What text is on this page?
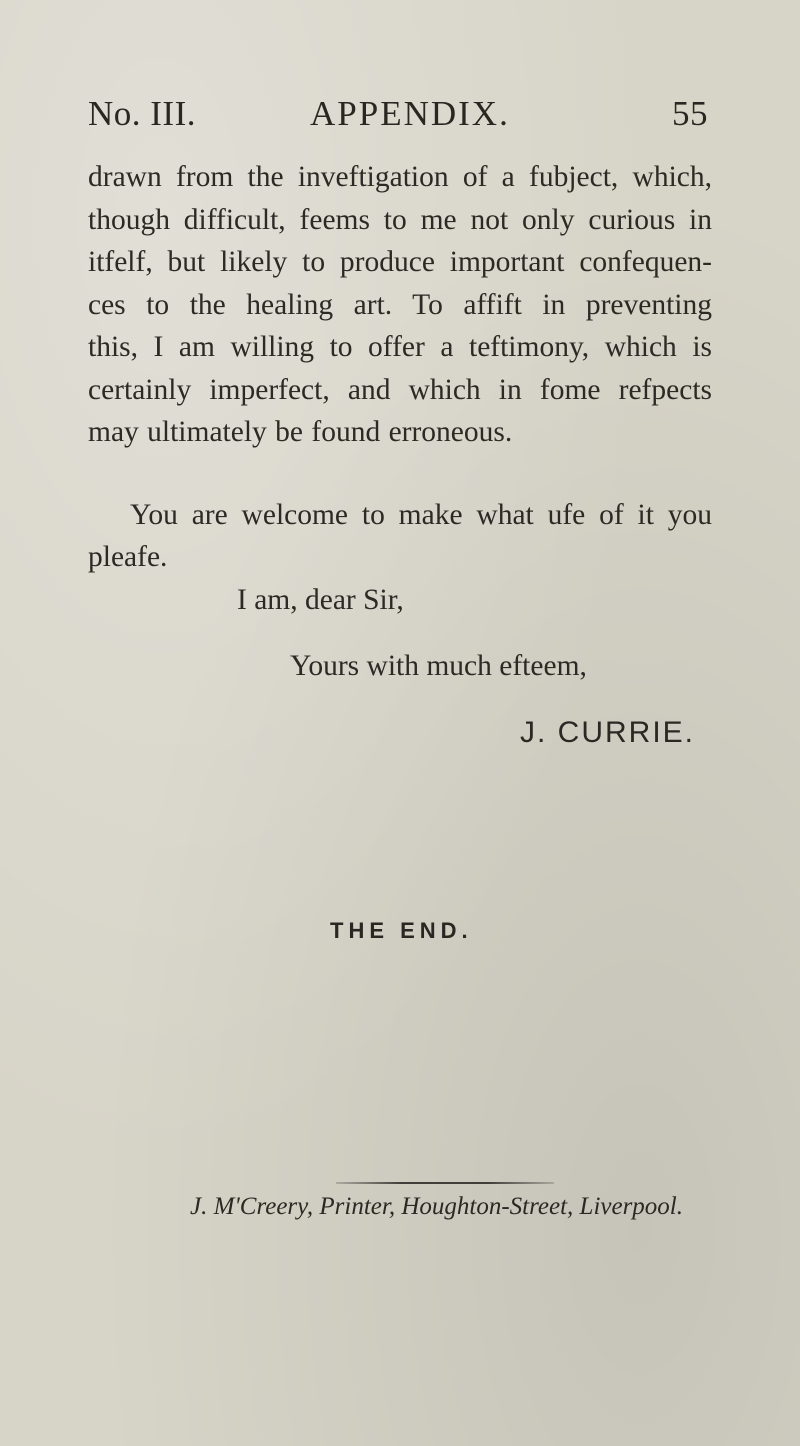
No. III.	APPENDIX.	55
drawn from the inveftigation of a fubject, which,
though difficult, feems to me not only curious in
itfelf, but likely to produce important confequen-
ces to the healing art. To affift in preventing
this, I am willing to offer a teftimony, which is
certainly imperfect, and which in fome refpects
may ultimately be found erroneous.
You are welcome to make what ufe of it you
pleafe.
I am, dear Sir,
Yours with much efteem,
J. CURRIE.
THE END.
J. M'Creery, Printer, Houghton-Street, Liverpool.
